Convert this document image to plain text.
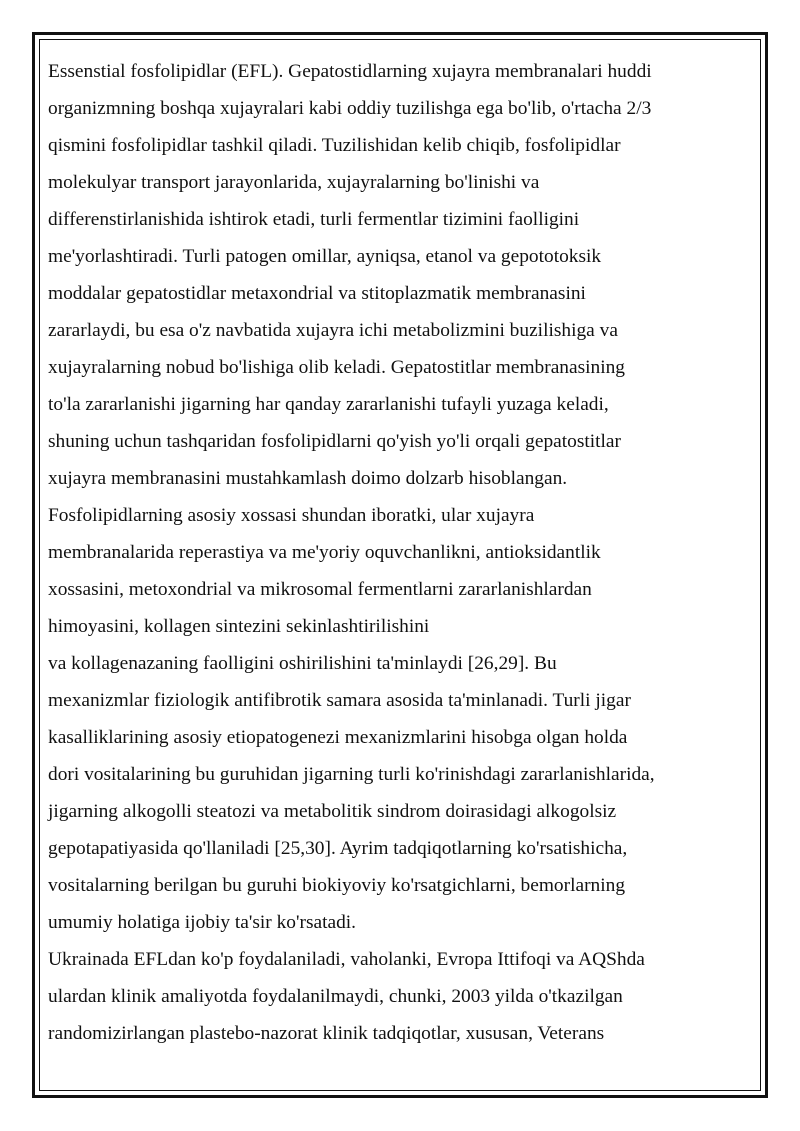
Essenstial fosfolipidlar (EFL). Gepatostidlarning xujayra membranalari huddi
organizmning boshqa xujayralari kabi oddiy tuzilishga ega bo'lib, o'rtacha 2/3
qismini fosfolipidlar tashkil qiladi. Tuzilishidan kelib chiqib, fosfolipidlar
molekulyar transport jarayonlarida, xujayralarning bo'linishi va
differenstirlanishida ishtirok etadi, turli fermentlar tizimini faolligini
me'yorlashtiradi. Turli patogen omillar, ayniqsa, etanol va gepototoksik
moddalar gepatostidlar metaxondrial va stitoplazmatik membranasini
zararlaydi, bu esa o'z navbatida xujayra ichi metabolizmini buzilishiga va
xujayralarning nobud bo'lishiga olib keladi. Gepatostitlar membranasining
to'la zararlanishi jigarning har qanday zararlanishi tufayli yuzaga keladi,
shuning uchun tashqaridan fosfolipidlarni qo'yish yo'li orqali gepatostitlar
xujayra membranasini mustahkamlash doimo dolzarb hisoblangan.
Fosfolipidlarning asosiy xossasi shundan iboratki, ular xujayra
membranalarida reperastiya va me'yoriy oquvchanlikni, antioksidantlik
xossasini, metoxondrial va mikrosomal fermentlarni zararlanishlardan
himoyasini, kollagen sintezini sekinlashtirilishini
va kollagenazaning faolligini oshirilishini ta'minlaydi [26,29]. Bu
mexanizmlar fiziologik antifibrotik samara asosida ta'minlanadi. Turli jigar
kasalliklarining asosiy etiopatogenezi mexanizmlarini hisobga olgan holda
dori vositalarining bu guruhidan jigarning turli ko'rinishdagi zararlanishlarida,
jigarning alkogolli steatozi va metabolitik sindrom doirasidagi alkogolsiz
gepotapatiyasida qo'llaniladi [25,30]. Ayrim tadqiqotlarning ko'rsatishicha,
vositalarning berilgan bu guruhi biokiyoviy ko'rsatgichlarni, bemorlarning
umumiy holatiga ijobiy ta'sir ko'rsatadi.
Ukrainada EFLdan ko'p foydalaniladi, vaholanki, Evropa Ittifoqi va AQShda
ulardan klinik amaliyotda foydalanilmaydi, chunki, 2003 yilda o'tkazilgan
randomizirlangan plastebo-nazorat klinik tadqiqotlar, xususan, Veterans
